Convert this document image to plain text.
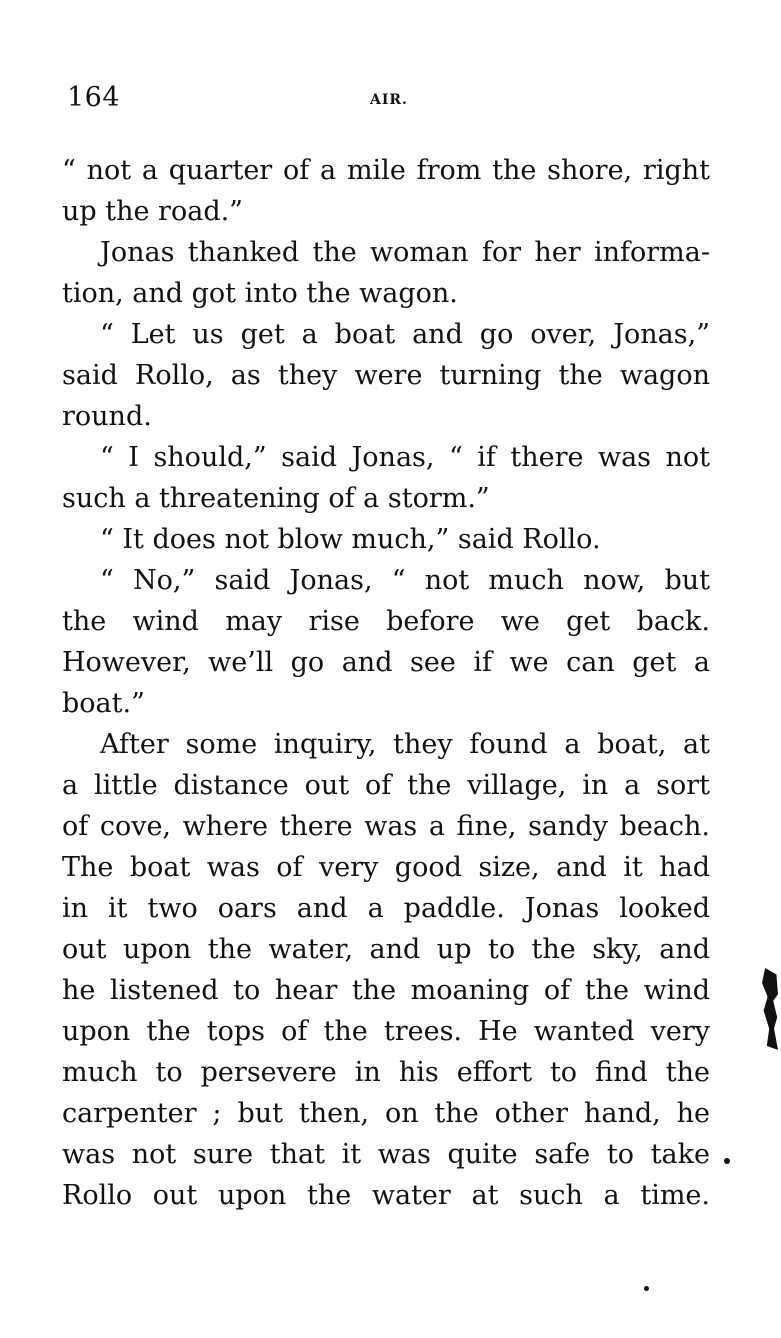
164	AIR.
“ not a quarter of a mile from the shore, right
up the road.”
Jonas thanked the woman for her informa-
tion, and got into the wagon.
“ Let us get a boat and go over, Jonas,”
said Rollo, as they were turning the wagon
round.
“ I should,” said Jonas, “ if there was not
such a threatening of a storm.”
“ It does not blow much,” said Rollo.
“ No,” said Jonas, “ not much now, but
the wind may rise before we get back.
However, we’ll go and see if we can get a
boat.”
After some inquiry, they found a boat, at
a little distance out of the village, in a sort
of cove, where there was a fine, sandy beach.
The boat was of very good size, and it had
in it two oars and a paddle. Jonas looked
out upon the water, and up to the sky, and
he listened to hear the moaning of the wind
upon the tops of the trees. He wanted very
much to persevere in his effort to find the
carpenter ; but then, on the other hand, he
was not sure that it was quite safe to take
Rollo out upon the water at such a time.
